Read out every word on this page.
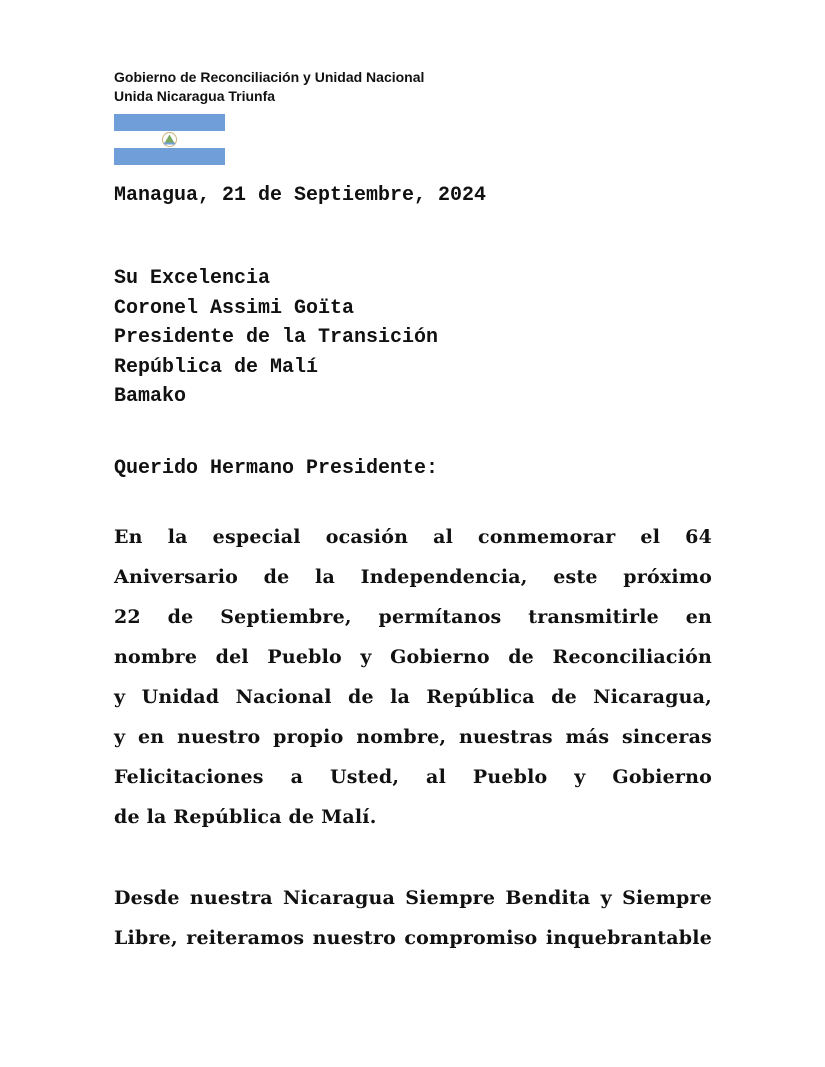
Gobierno de Reconciliación y Unidad Nacional
Unida Nicaragua Triunfa
Managua, 21 de Septiembre, 2024
Su Excelencia
Coronel Assimi Goïta
Presidente de la Transición
República de Malí
Bamako
Querido Hermano Presidente:
En la especial ocasión al conmemorar el 64
Aniversario de la Independencia, este próximo
22 de Septiembre, permítanos transmitirle en
nombre del Pueblo y Gobierno de Reconciliación
y Unidad Nacional de la República de Nicaragua,
y en nuestro propio nombre, nuestras más sinceras
Felicitaciones a Usted, al Pueblo y Gobierno
de la República de Malí.
Desde nuestra Nicaragua Siempre Bendita y Siempre
Libre, reiteramos nuestro compromiso inquebrantable
